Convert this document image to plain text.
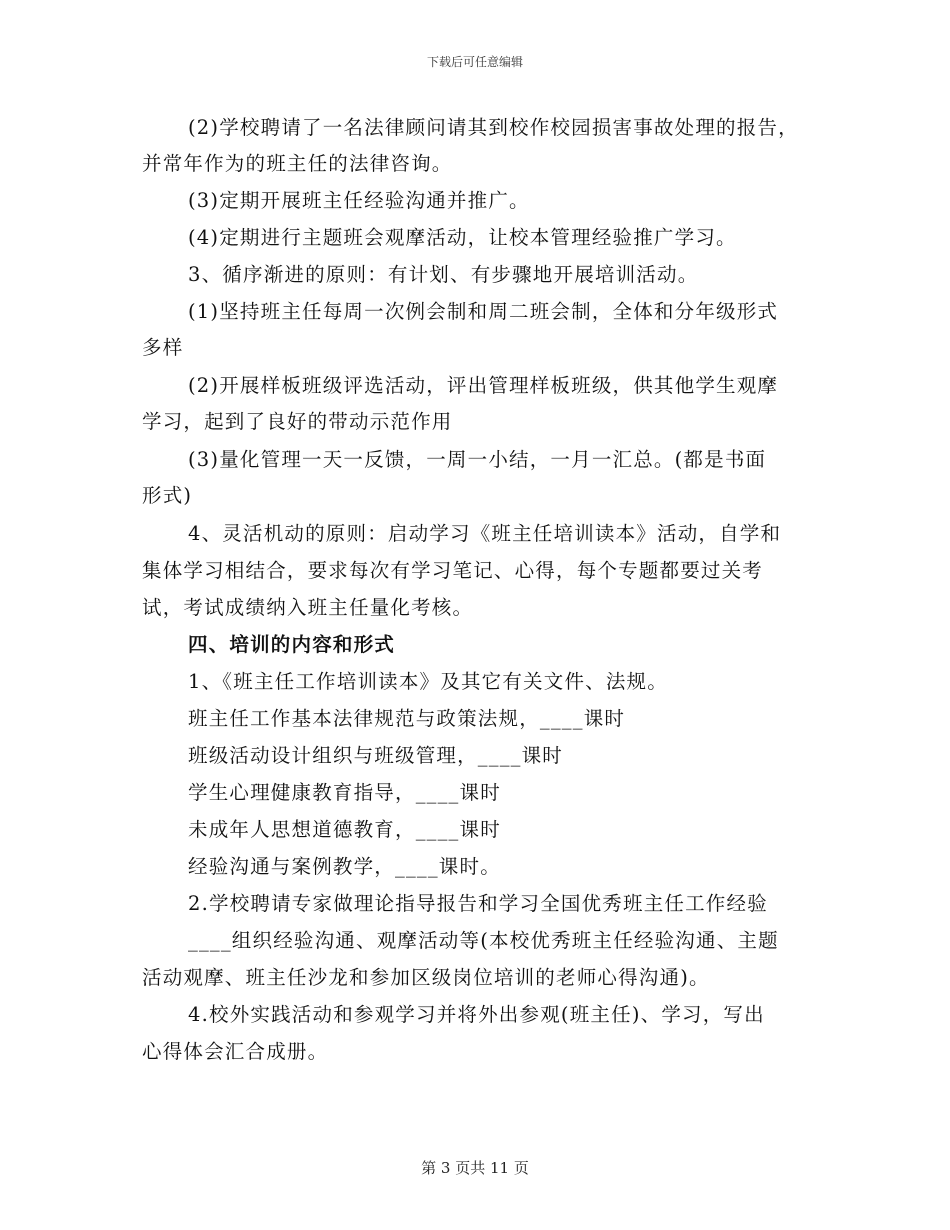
下载后可任意编辑
(2)学校聘请了一名法律顾问请其到校作校园损害事故处理的报告，
并常年作为的班主任的法律咨询。
(3)定期开展班主任经验沟通并推广。
(4)定期进行主题班会观摩活动，让校本管理经验推广学习。
3、循序渐进的原则：有计划、有步骤地开展培训活动。
(1)坚持班主任每周一次例会制和周二班会制，全体和分年级形式
多样
(2)开展样板班级评选活动，评出管理样板班级，供其他学生观摩
学习，起到了良好的带动示范作用
(3)量化管理一天一反馈，一周一小结，一月一汇总。(都是书面
形式)
4、灵活机动的原则：启动学习《班主任培训读本》活动，自学和
集体学习相结合，要求每次有学习笔记、心得，每个专题都要过关考
试，考试成绩纳入班主任量化考核。
四、培训的内容和形式
1、《班主任工作培训读本》及其它有关文件、法规。
班主任工作基本法律规范与政策法规，____课时
班级活动设计组织与班级管理，____课时
学生心理健康教育指导，____课时
未成年人思想道德教育，____课时
经验沟通与案例教学，____课时。
2.学校聘请专家做理论指导报告和学习全国优秀班主任工作经验
____组织经验沟通、观摩活动等(本校优秀班主任经验沟通、主题
活动观摩、班主任沙龙和参加区级岗位培训的老师心得沟通)。
4.校外实践活动和参观学习并将外出参观(班主任)、学习，写出
心得体会汇合成册。
第 3 页共 11 页
